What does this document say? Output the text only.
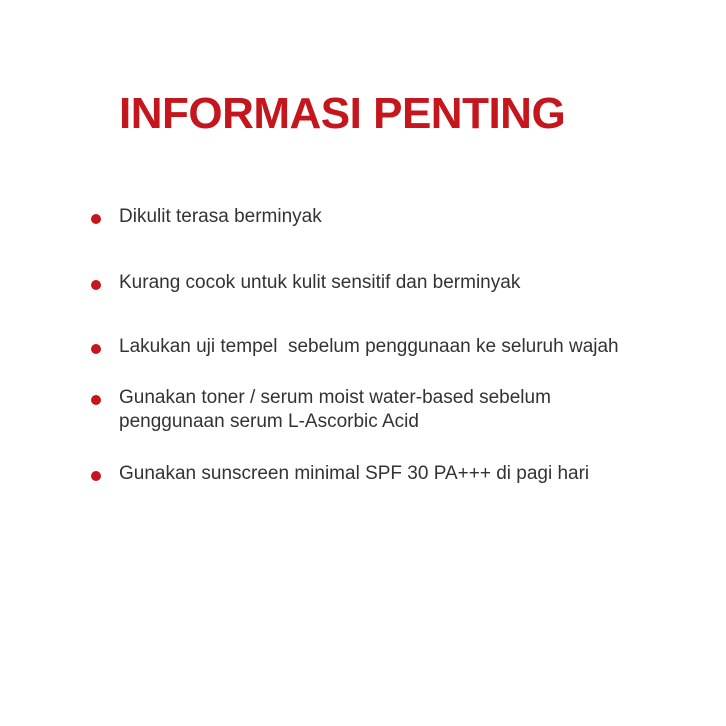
INFORMASI PENTING
Dikulit terasa berminyak
Kurang cocok untuk kulit sensitif dan berminyak
Lakukan uji tempel  sebelum penggunaan ke seluruh wajah
Gunakan toner / serum moist water-based sebelum
penggunaan serum L-Ascorbic Acid
Gunakan sunscreen minimal SPF 30 PA+++ di pagi hari
